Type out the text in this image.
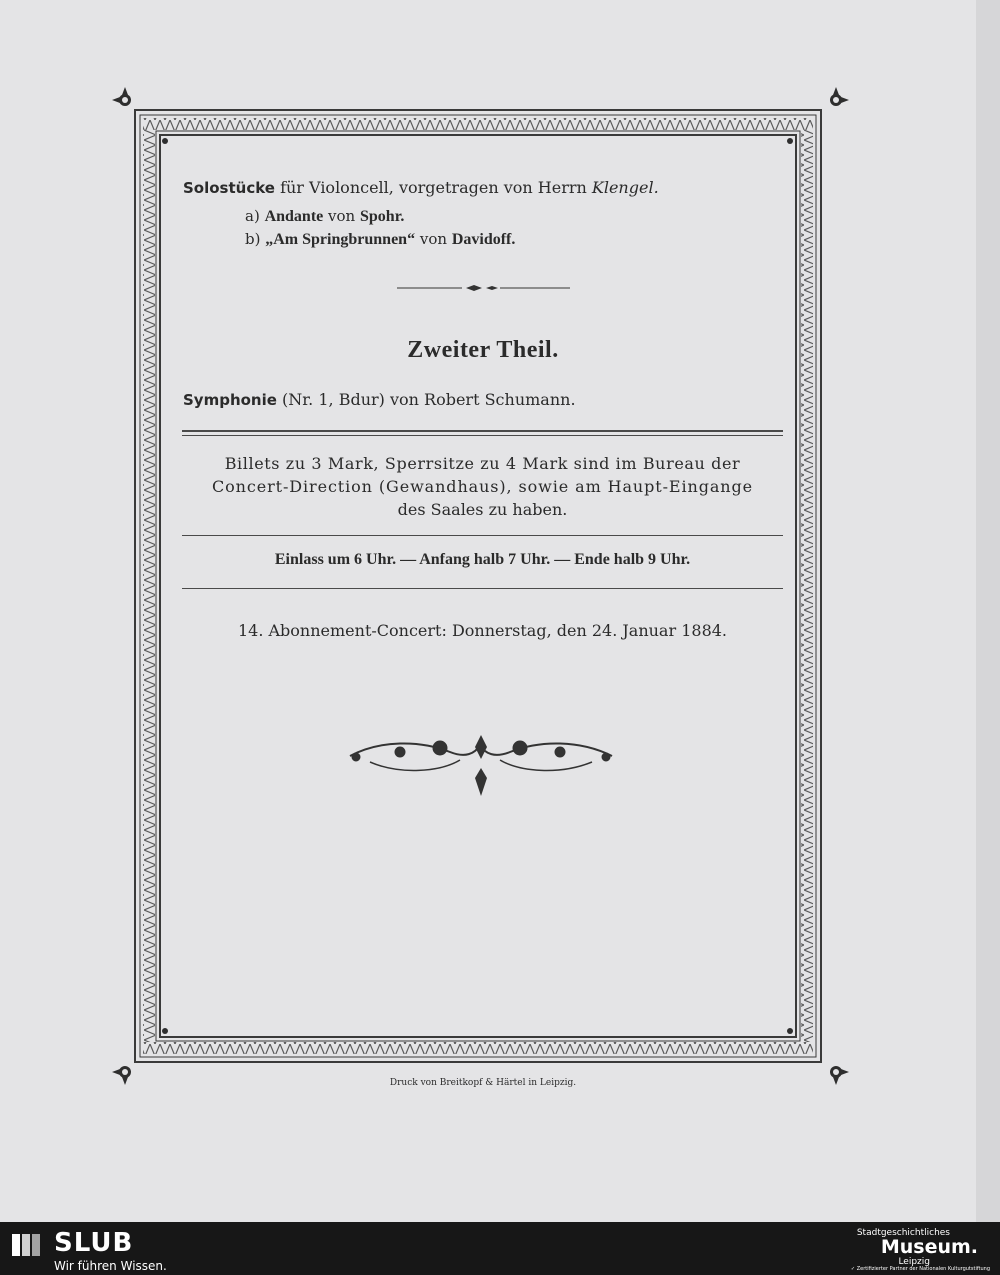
Solostücke für Violoncell, vorgetragen von Herrn Klengel.
a) Andante von Spohr.
b) „Am Springbrunnen“ von Davidoff.
Zweiter Theil.
Symphonie (Nr. 1, Bdur) von Robert Schumann.
Billets zu 3 Mark, Sperrsitze zu 4 Mark sind im Bureau der
Concert-Direction (Gewandhaus), sowie am Haupt-Eingange
des Saales zu haben.
Einlass um 6 Uhr. — Anfang halb 7 Uhr. — Ende halb 9 Uhr.
14. Abonnement-Concert: Donnerstag, den 24. Januar 1884.
Druck von Breitkopf & Härtel in Leipzig.
SLUB
Wir führen Wissen.
Stadtgeschichtliches
Museum.
Leipzig
✓ Zertifizierter Partner der Nationalen Kulturgutstiftung
